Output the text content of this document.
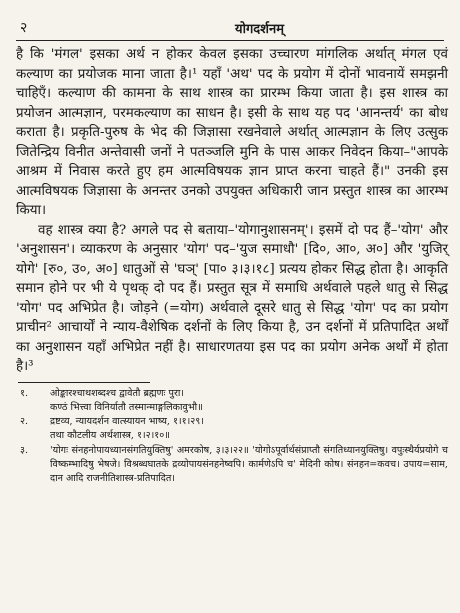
२	योगदर्शनम्

है कि 'मंगल' इसका अर्थ न होकर केवल इसका उच्चारण मांगलिक अर्थात् मंगल एवं कल्याण का प्रयोजक माना जाता है।¹ यहाँ 'अथ' पद के प्रयोग में दोनों भावनायें समझनी चाहिएँ। कल्याण की कामना के साथ शास्त्र का प्रारम्भ किया जाता है। इस शास्त्र का प्रयोजन आत्मज्ञान, परमकल्याण का साधन है। इसी के साथ यह पद 'आनन्तर्य' का बोध कराता है। प्रकृति-पुरुष के भेद की जिज्ञासा रखनेवाले अर्थात् आत्मज्ञान के लिए उत्सुक जितेन्द्रिय विनीत अन्तेवासी जनों ने पतञ्जलि मुनि के पास आकर निवेदन किया–"आपके आश्रम में निवास करते हुए हम आत्मविषयक ज्ञान प्राप्त करना चाहते हैं।" उनकी इस आत्मविषयक जिज्ञासा के अनन्तर उनको उपयुक्त अधिकारी जान प्रस्तुत शास्त्र का आरम्भ किया।

वह शास्त्र क्या है? अगले पद से बताया–'योगानुशासनम्'। इसमें दो पद हैं–'योग' और 'अनुशासन'। व्याकरण के अनुसार 'योग' पद–'युज समाधौ' [दि०, आ०, अ०] और 'युजिर् योगे' [रु०, उ०, अ०] धातुओं से 'घञ्' [पा० ३।३।१८] प्रत्यय होकर सिद्ध होता है। आकृति समान होने पर भी ये पृथक् दो पद हैं। प्रस्तुत सूत्र में समाधि अर्थवाले पहले धातु से सिद्ध 'योग' पद अभिप्रेत है। जोड़ने (=योग) अर्थवाले दूसरे धातु से सिद्ध 'योग' पद का प्रयोग प्राचीन² आचार्यों ने न्याय-वैशेषिक दर्शनों के लिए किया है, उन दर्शनों में प्रतिपादित अर्थों का अनुशासन यहाँ अभिप्रेत नहीं है। साधारणतया इस पद का प्रयोग अनेक अर्थों में होता है।³

१.	ओङ्कारश्चाथशब्दश्च द्वावेतौ ब्रह्मणः पुरा।
कण्ठं भित्त्वा विनिर्यातौ तस्मान्माङ्गलिकावुभौ॥
२.	द्रष्टव्य, न्यायदर्शन वात्स्यायन भाष्य, १।१।२९।
तथा कौटलीय अर्थशास्त्र, १।२।१०॥
३.	'योगः संनहनोपायध्यानसंगतियुक्तिषु' अमरकोष, ३।३।२२॥ 'योगोऽपूर्वार्थसंप्राप्तौ संगतिध्यानयुक्तिषु। वपुःस्थैर्यप्रयोगे च विष्कम्भादिषु भेषजे। विश्रब्धघातके द्रव्योपायसंनहनेष्वपि। कार्मणेऽपि च' मेदिनी कोष। संनहन=कवच। उपाय=साम, दान आदि राजनीतिशास्त्र-प्रतिपादित।
